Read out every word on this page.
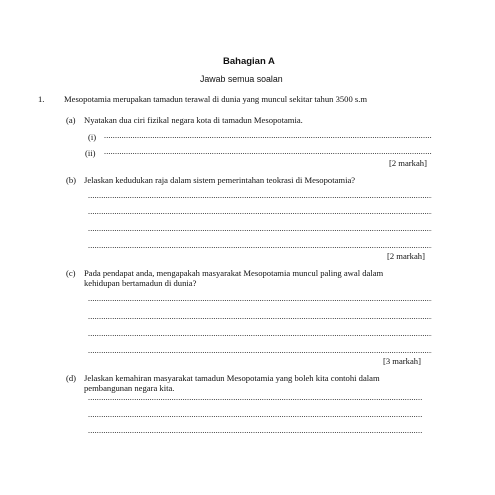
Bahagian A
Jawab semua soalan
1. Mesopotamia merupakan tamadun terawal di dunia yang muncul sekitar tahun 3500 s.m
(a) Nyatakan dua ciri fizikal negara kota di tamadun Mesopotamia.
(i)
.....
(ii)
.....
[2 markah]
(b) Jelaskan kedudukan raja dalam sistem pemerintahan teokrasi di Mesopotamia?
.....
.....
.....
.....
[2 markah]
(c) Pada pendapat anda, mengapakah masyarakat Mesopotamia muncul paling awal dalam
kehidupan bertamadun di dunia?
.....
.....
.....
.....
[3 markah]
(d) Jelaskan kemahiran masyarakat tamadun Mesopotamia yang boleh kita contohi dalam
pembangunan negara kita.
.....
.....
.....
